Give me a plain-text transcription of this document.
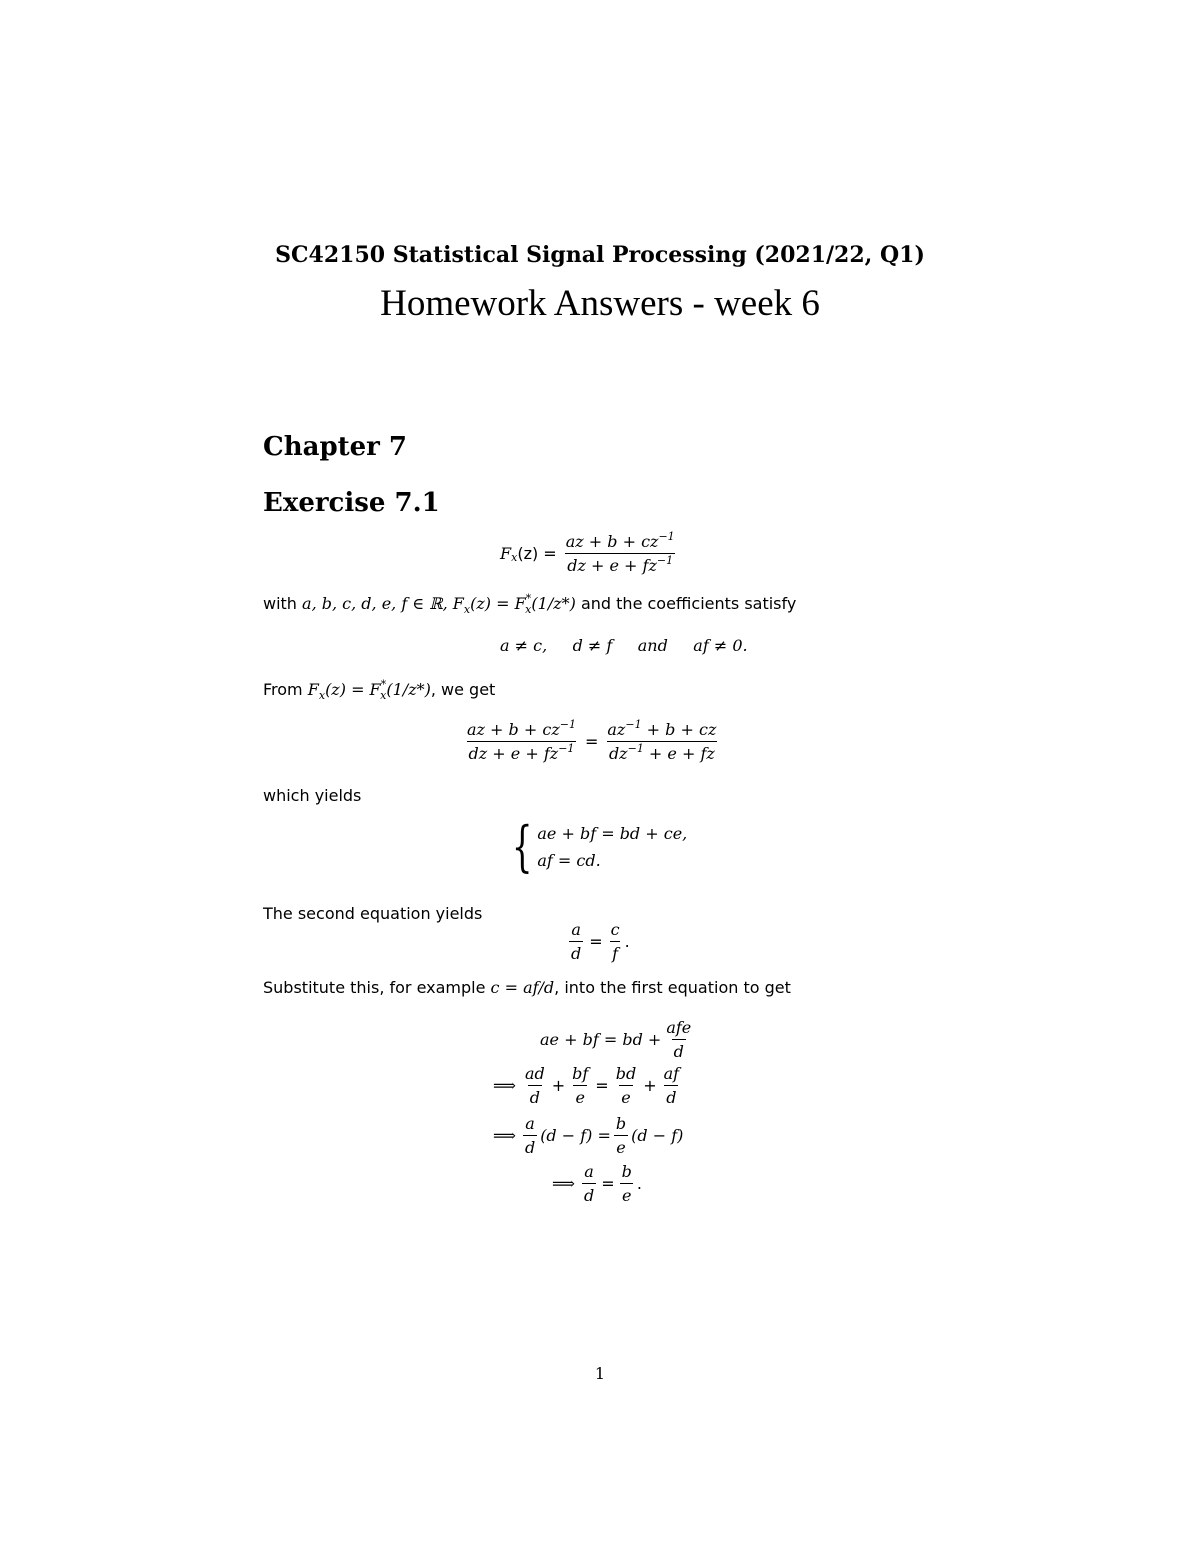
SC42150 Statistical Signal Processing (2021/22, Q1)
Homework Answers - week 6
Chapter 7
Exercise 7.1
F x $(z) = \frac{az + b + cz^{-1}}{dz + e + fz^{-1}}$
with a, b, c, d, e, f ∈ ℝ, $F_x(z) = F^*_x(1/z*)$ and the coefficients satisfy
a ≠ c,     d ≠ f     and     af ≠ 0.
From $F_x(z) = F^*_x(1/z*)$, we get
$\frac{az + b + cz^{-1}}{dz + e + fz^{-1}} = \frac{az^{-1} + b + cz}{dz^{-1} + e + fz}$
which yields
{ ae + bf = bd + ce,
af = cd.
The second equation yields
$\frac{a}{d} = \frac{c}{f}$ .
Substitute this, for example c = af/d, into the first equation to get
ae + bf = bd + $\frac{\text{afe}}{d}$
⟹ $\frac{ad}{d} + \frac{bf}{e} = \frac{bd}{e} + \frac{af}{d}$
⟹ $\frac{a}{d} (d - f) = \frac{b}{e} (d - f)$
⟹ $\frac{a}{d} = \frac{b}{e}$ .
1
